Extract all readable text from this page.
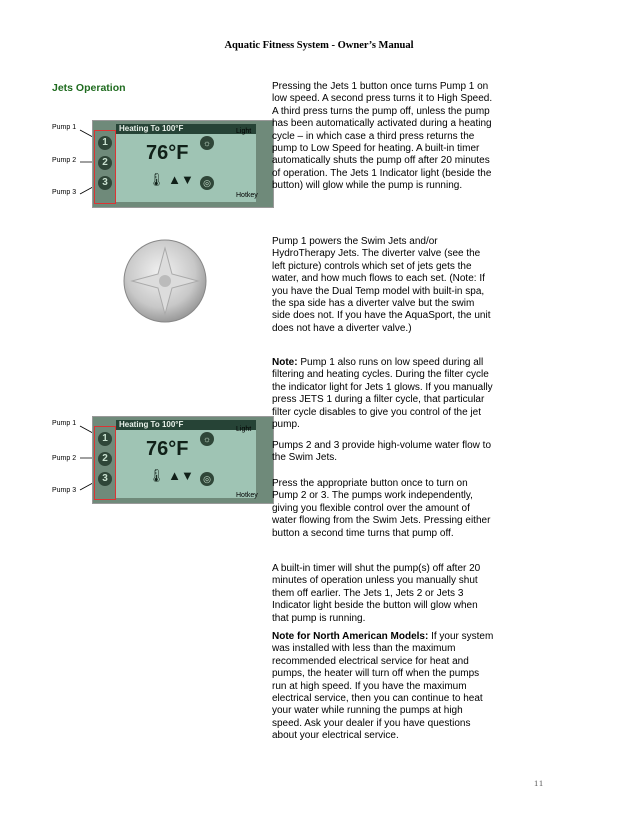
Aquatic Fitness System - Owner’s Manual
Jets Operation
Heating To 100°F
76°F
🌡 ▲▼
1
2
3
☼
◎
Pump 1
Pump 2
Pump 3
Light
Hotkey
Heating To 100°F
76°F
🌡 ▲▼
1
2
3
☼
◎
Pump 1
Pump 2
Pump 3
Light
Hotkey

Pressing the Jets 1 button once turns Pump 1 on low speed. A second press turns it to High Speed. A third press turns the pump off, unless the pump has been automatically activated during a heating cycle – in which case a third press returns the pump to Low Speed for heating. A built-in timer automatically shuts the pump off after 20 minutes of operation. The Jets 1 Indicator light (beside the button) will glow while the pump is running.

Pump 1 powers the Swim Jets and/or HydroTherapy Jets. The diverter valve (see the left picture) controls which set of jets gets the water, and how much flows to each set. (Note: If you have the Dual Temp model with built-in spa, the spa side has a diverter valve but the swim side does not. If you have the AquaSport, the unit does not have a diverter valve.)

Note: Pump 1 also runs on low speed during all filtering and heating cycles. During the filter cycle the indicator light for Jets 1 glows. If you manually press JETS 1 during a filter cycle, that particular filter cycle disables to give you control of the jet pump.

Pumps 2 and 3 provide high-volume water flow to the Swim Jets.

Press the appropriate button once to turn on Pump 2 or 3. The pumps work independently, giving you flexible control over the amount of water flowing from the Swim Jets. Pressing either button a second time turns that pump off.

A built-in timer will shut the pump(s) off after 20 minutes of operation unless you manually shut them off earlier. The Jets 1, Jets 2 or Jets 3 Indicator light beside the button will glow when that pump is running.

Note for North American Models: If your system was installed with less than the maximum recommended electrical service for heat and pumps, the heater will turn off when the pumps run at high speed. If you have the maximum electrical service, then you can continue to heat your water while running the pumps at high speed. Ask your dealer if you have questions about your electrical service.

11
